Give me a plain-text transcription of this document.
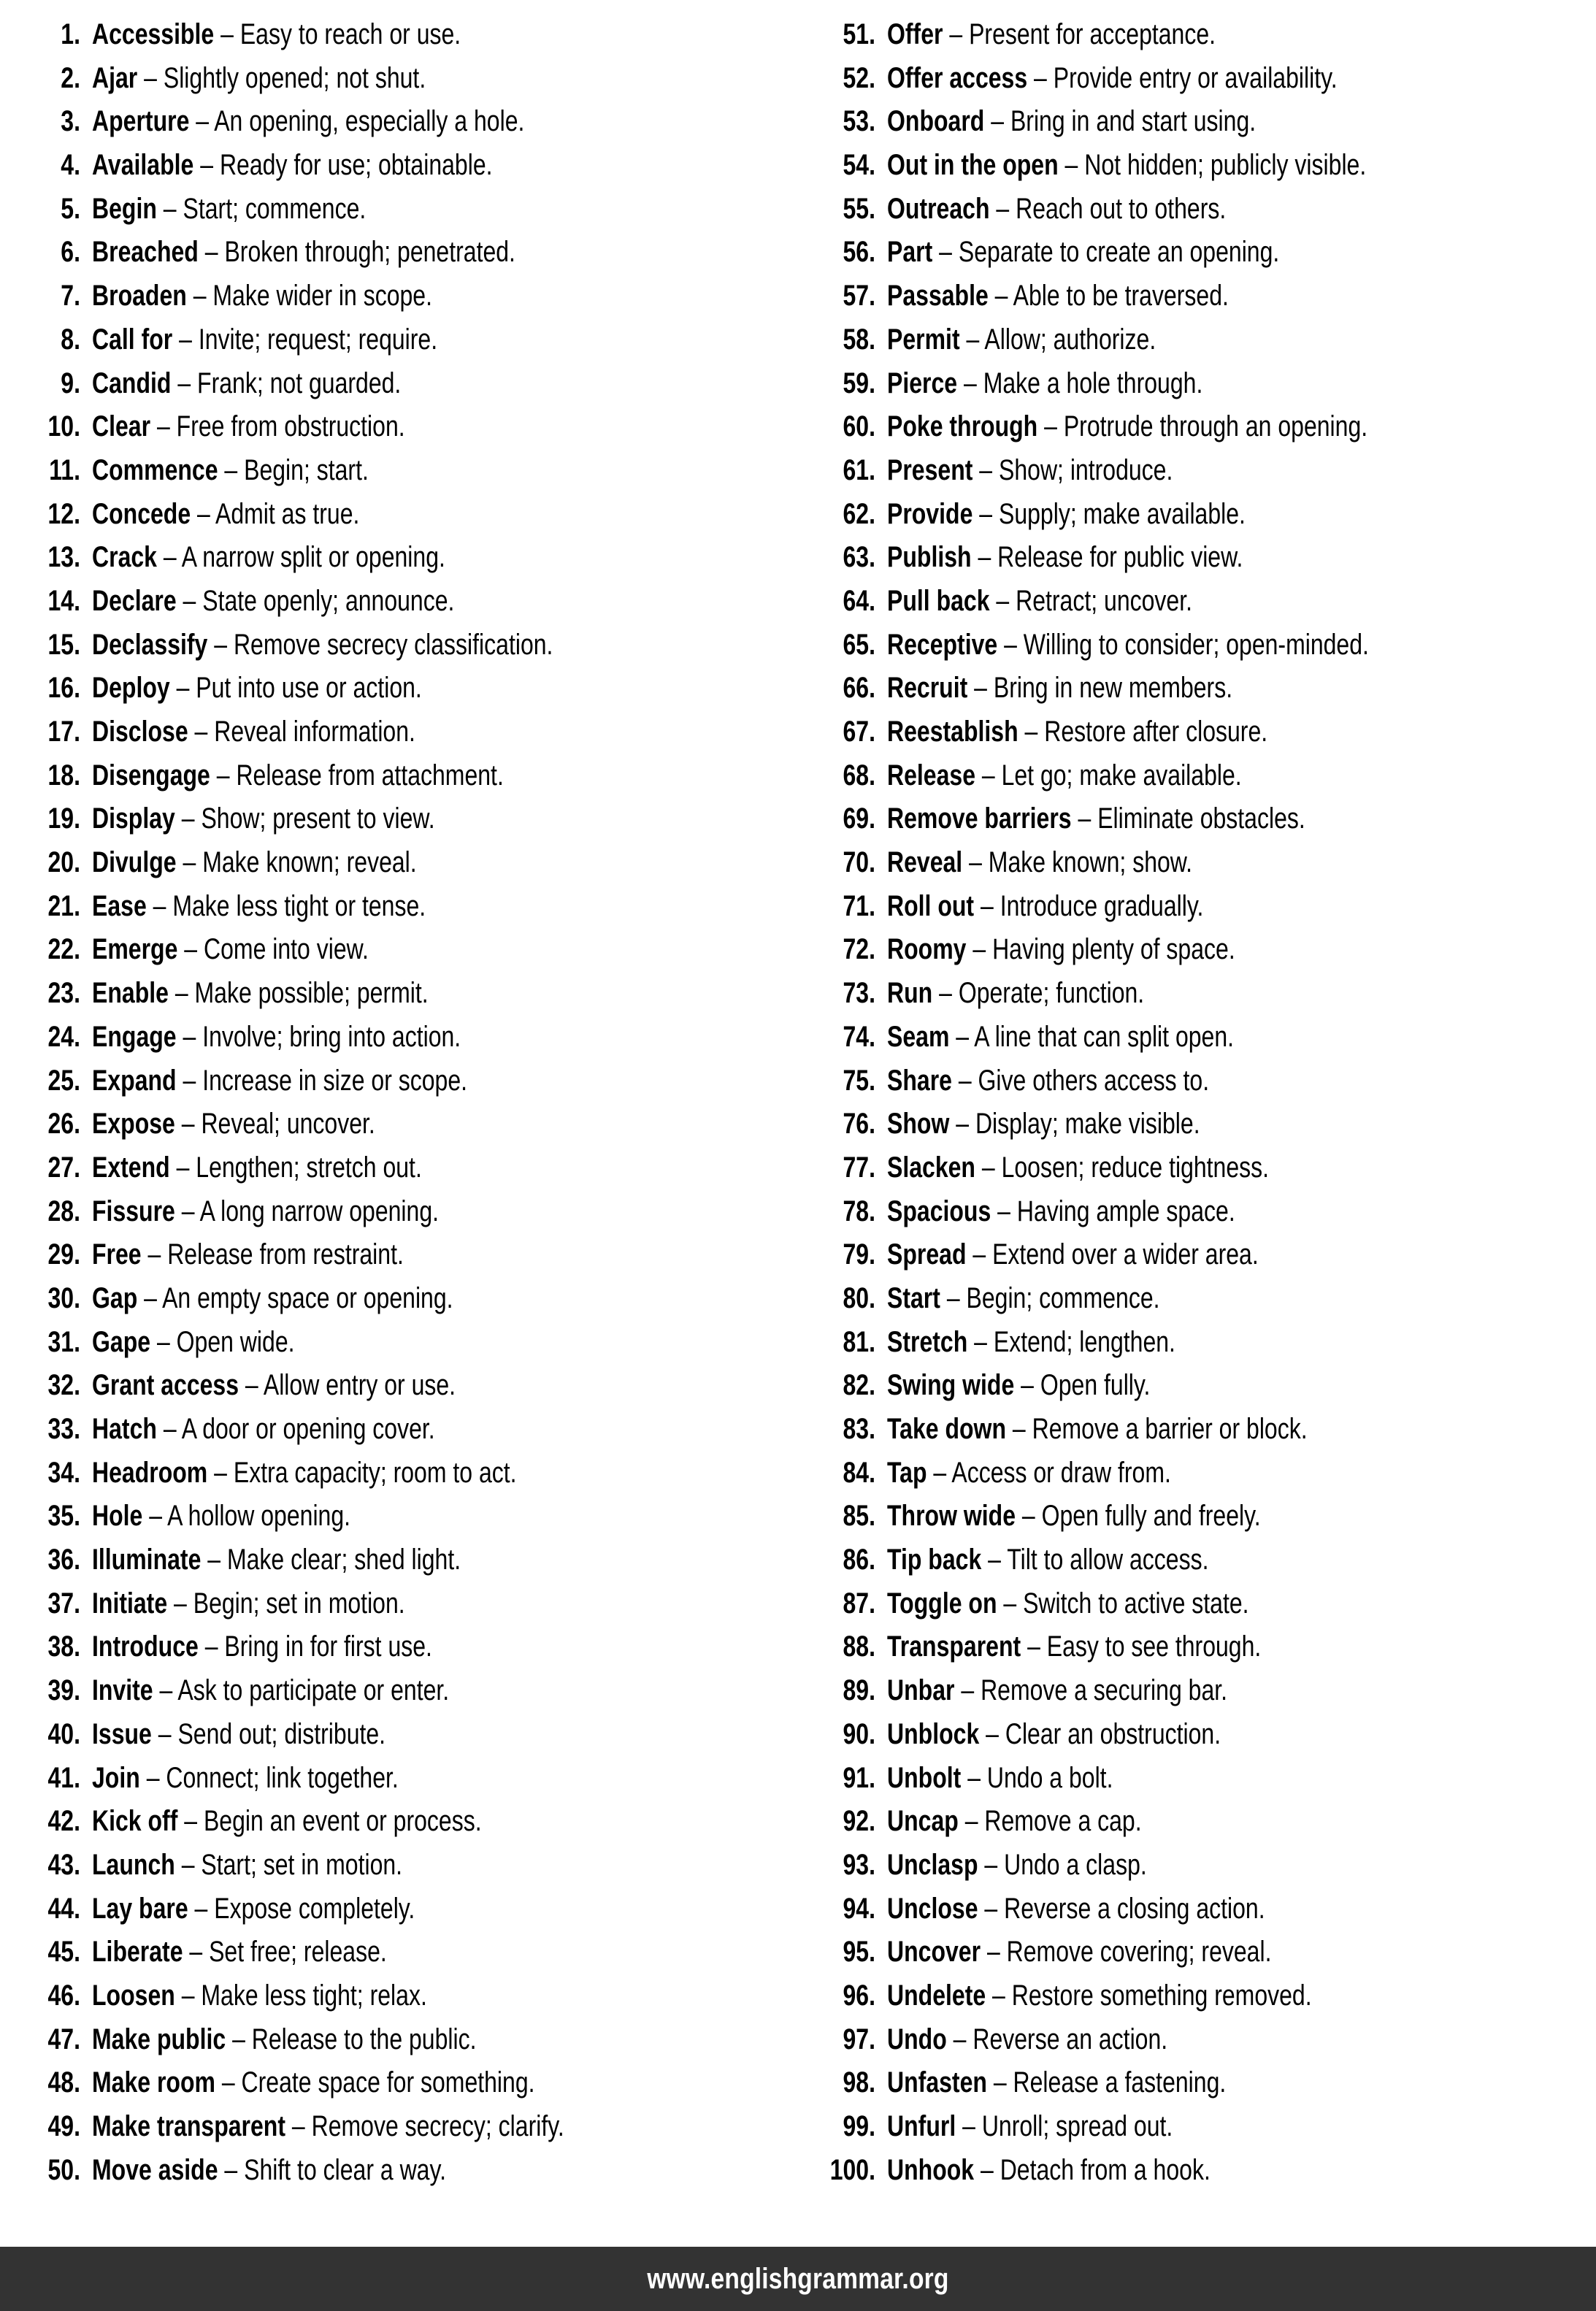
1. Accessible – Easy to reach or use.
2. Ajar – Slightly opened; not shut.
3. Aperture – An opening, especially a hole.
4. Available – Ready for use; obtainable.
5. Begin – Start; commence.
6. Breached – Broken through; penetrated.
7. Broaden – Make wider in scope.
8. Call for – Invite; request; require.
9. Candid – Frank; not guarded.
10. Clear – Free from obstruction.
11. Commence – Begin; start.
12. Concede – Admit as true.
13. Crack – A narrow split or opening.
14. Declare – State openly; announce.
15. Declassify – Remove secrecy classification.
16. Deploy – Put into use or action.
17. Disclose – Reveal information.
18. Disengage – Release from attachment.
19. Display – Show; present to view.
20. Divulge – Make known; reveal.
21. Ease – Make less tight or tense.
22. Emerge – Come into view.
23. Enable – Make possible; permit.
24. Engage – Involve; bring into action.
25. Expand – Increase in size or scope.
26. Expose – Reveal; uncover.
27. Extend – Lengthen; stretch out.
28. Fissure – A long narrow opening.
29. Free – Release from restraint.
30. Gap – An empty space or opening.
31. Gape – Open wide.
32. Grant access – Allow entry or use.
33. Hatch – A door or opening cover.
34. Headroom – Extra capacity; room to act.
35. Hole – A hollow opening.
36. Illuminate – Make clear; shed light.
37. Initiate – Begin; set in motion.
38. Introduce – Bring in for first use.
39. Invite – Ask to participate or enter.
40. Issue – Send out; distribute.
41. Join – Connect; link together.
42. Kick off – Begin an event or process.
43. Launch – Start; set in motion.
44. Lay bare – Expose completely.
45. Liberate – Set free; release.
46. Loosen – Make less tight; relax.
47. Make public – Release to the public.
48. Make room – Create space for something.
49. Make transparent – Remove secrecy; clarify.
50. Move aside – Shift to clear a way.
51. Offer – Present for acceptance.
52. Offer access – Provide entry or availability.
53. Onboard – Bring in and start using.
54. Out in the open – Not hidden; publicly visible.
55. Outreach – Reach out to others.
56. Part – Separate to create an opening.
57. Passable – Able to be traversed.
58. Permit – Allow; authorize.
59. Pierce – Make a hole through.
60. Poke through – Protrude through an opening.
61. Present – Show; introduce.
62. Provide – Supply; make available.
63. Publish – Release for public view.
64. Pull back – Retract; uncover.
65. Receptive – Willing to consider; open-minded.
66. Recruit – Bring in new members.
67. Reestablish – Restore after closure.
68. Release – Let go; make available.
69. Remove barriers – Eliminate obstacles.
70. Reveal – Make known; show.
71. Roll out – Introduce gradually.
72. Roomy – Having plenty of space.
73. Run – Operate; function.
74. Seam – A line that can split open.
75. Share – Give others access to.
76. Show – Display; make visible.
77. Slacken – Loosen; reduce tightness.
78. Spacious – Having ample space.
79. Spread – Extend over a wider area.
80. Start – Begin; commence.
81. Stretch – Extend; lengthen.
82. Swing wide – Open fully.
83. Take down – Remove a barrier or block.
84. Tap – Access or draw from.
85. Throw wide – Open fully and freely.
86. Tip back – Tilt to allow access.
87. Toggle on – Switch to active state.
88. Transparent – Easy to see through.
89. Unbar – Remove a securing bar.
90. Unblock – Clear an obstruction.
91. Unbolt – Undo a bolt.
92. Uncap – Remove a cap.
93. Unclasp – Undo a clasp.
94. Unclose – Reverse a closing action.
95. Uncover – Remove covering; reveal.
96. Undelete – Restore something removed.
97. Undo – Reverse an action.
98. Unfasten – Release a fastening.
99. Unfurl – Unroll; spread out.
100. Unhook – Detach from a hook.
www.englishgrammar.org
